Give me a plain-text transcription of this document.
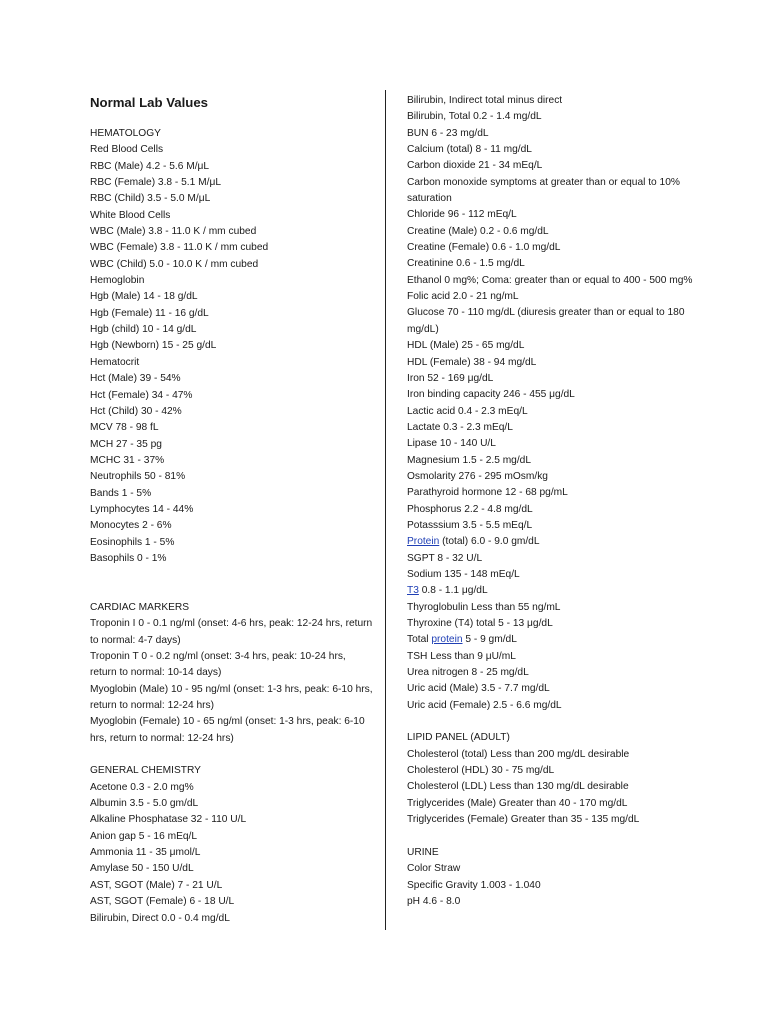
Normal Lab Values
HEMATOLOGY
Red Blood Cells
RBC (Male) 4.2 - 5.6 M/μL
RBC (Female) 3.8 - 5.1 M/μL
RBC (Child) 3.5 - 5.0 M/μL
White Blood Cells
WBC (Male) 3.8 - 11.0 K / mm cubed
WBC (Female) 3.8 - 11.0 K / mm cubed
WBC (Child) 5.0 - 10.0 K / mm cubed
Hemoglobin
Hgb (Male) 14 - 18 g/dL
Hgb (Female) 11 - 16 g/dL
Hgb (child) 10 - 14 g/dL
Hgb (Newborn) 15 - 25 g/dL
Hematocrit
Hct (Male) 39 - 54%
Hct (Female) 34 - 47%
Hct (Child) 30 - 42%
MCV 78 - 98 fL
MCH 27 - 35 pg
MCHC 31 - 37%
Neutrophils 50 - 81%
Bands 1 - 5%
Lymphocytes 14 - 44%
Monocytes 2 - 6%
Eosinophils 1 - 5%
Basophils 0 - 1%
CARDIAC MARKERS
Troponin I 0 - 0.1 ng/ml (onset: 4-6 hrs, peak: 12-24 hrs, return to normal: 4-7 days)
Troponin T 0 - 0.2 ng/ml (onset: 3-4 hrs, peak: 10-24 hrs, return to normal: 10-14 days)
Myoglobin (Male) 10 - 95 ng/ml (onset: 1-3 hrs, peak: 6-10 hrs, return to normal: 12-24 hrs)
Myoglobin (Female) 10 - 65 ng/ml (onset: 1-3 hrs, peak: 6-10 hrs, return to normal: 12-24 hrs)
GENERAL CHEMISTRY
Acetone 0.3 - 2.0 mg%
Albumin 3.5 - 5.0 gm/dL
Alkaline Phosphatase 32 - 110 U/L
Anion gap 5 - 16 mEq/L
Ammonia 11 - 35 μmol/L
Amylase 50 - 150 U/dL
AST, SGOT (Male) 7 - 21 U/L
AST, SGOT (Female) 6 - 18 U/L
Bilirubin, Direct 0.0 - 0.4 mg/dL
Bilirubin, Indirect total minus direct
Bilirubin, Total 0.2 - 1.4 mg/dL
BUN 6 - 23 mg/dL
Calcium (total) 8 - 11 mg/dL
Carbon dioxide 21 - 34 mEq/L
Carbon monoxide symptoms at greater than or equal to 10% saturation
Chloride 96 - 112 mEq/L
Creatine (Male) 0.2 - 0.6 mg/dL
Creatine (Female) 0.6 - 1.0 mg/dL
Creatinine 0.6 - 1.5 mg/dL
Ethanol 0 mg%; Coma: greater than or equal to 400 - 500 mg%
Folic acid 2.0 - 21 ng/mL
Glucose 70 - 110 mg/dL (diuresis greater than or equal to 180 mg/dL)
HDL (Male) 25 - 65 mg/dL
HDL (Female) 38 - 94 mg/dL
Iron 52 - 169 μg/dL
Iron binding capacity 246 - 455 μg/dL
Lactic acid 0.4 - 2.3 mEq/L
Lactate 0.3 - 2.3 mEq/L
Lipase 10 - 140 U/L
Magnesium 1.5 - 2.5 mg/dL
Osmolarity 276 - 295 mOsm/kg
Parathyroid hormone 12 - 68 pg/mL
Phosphorus 2.2 - 4.8 mg/dL
Potasssium 3.5 - 5.5 mEq/L
Protein (total) 6.0 - 9.0 gm/dL
SGPT 8 - 32 U/L
Sodium 135 - 148 mEq/L
T3 0.8 - 1.1 μg/dL
Thyroglobulin Less than 55 ng/mL
Thyroxine (T4) total 5 - 13 μg/dL
Total protein 5 - 9 gm/dL
TSH Less than 9 μU/mL
Urea nitrogen 8 - 25 mg/dL
Uric acid (Male) 3.5 - 7.7 mg/dL
Uric acid (Female) 2.5 - 6.6 mg/dL
LIPID PANEL (ADULT)
Cholesterol (total) Less than 200 mg/dL desirable
Cholesterol (HDL) 30 - 75 mg/dL
Cholesterol (LDL) Less than 130 mg/dL desirable
Triglycerides (Male) Greater than 40 - 170 mg/dL
Triglycerides (Female) Greater than 35 - 135 mg/dL
URINE
Color Straw
Specific Gravity 1.003 - 1.040
pH 4.6 - 8.0
